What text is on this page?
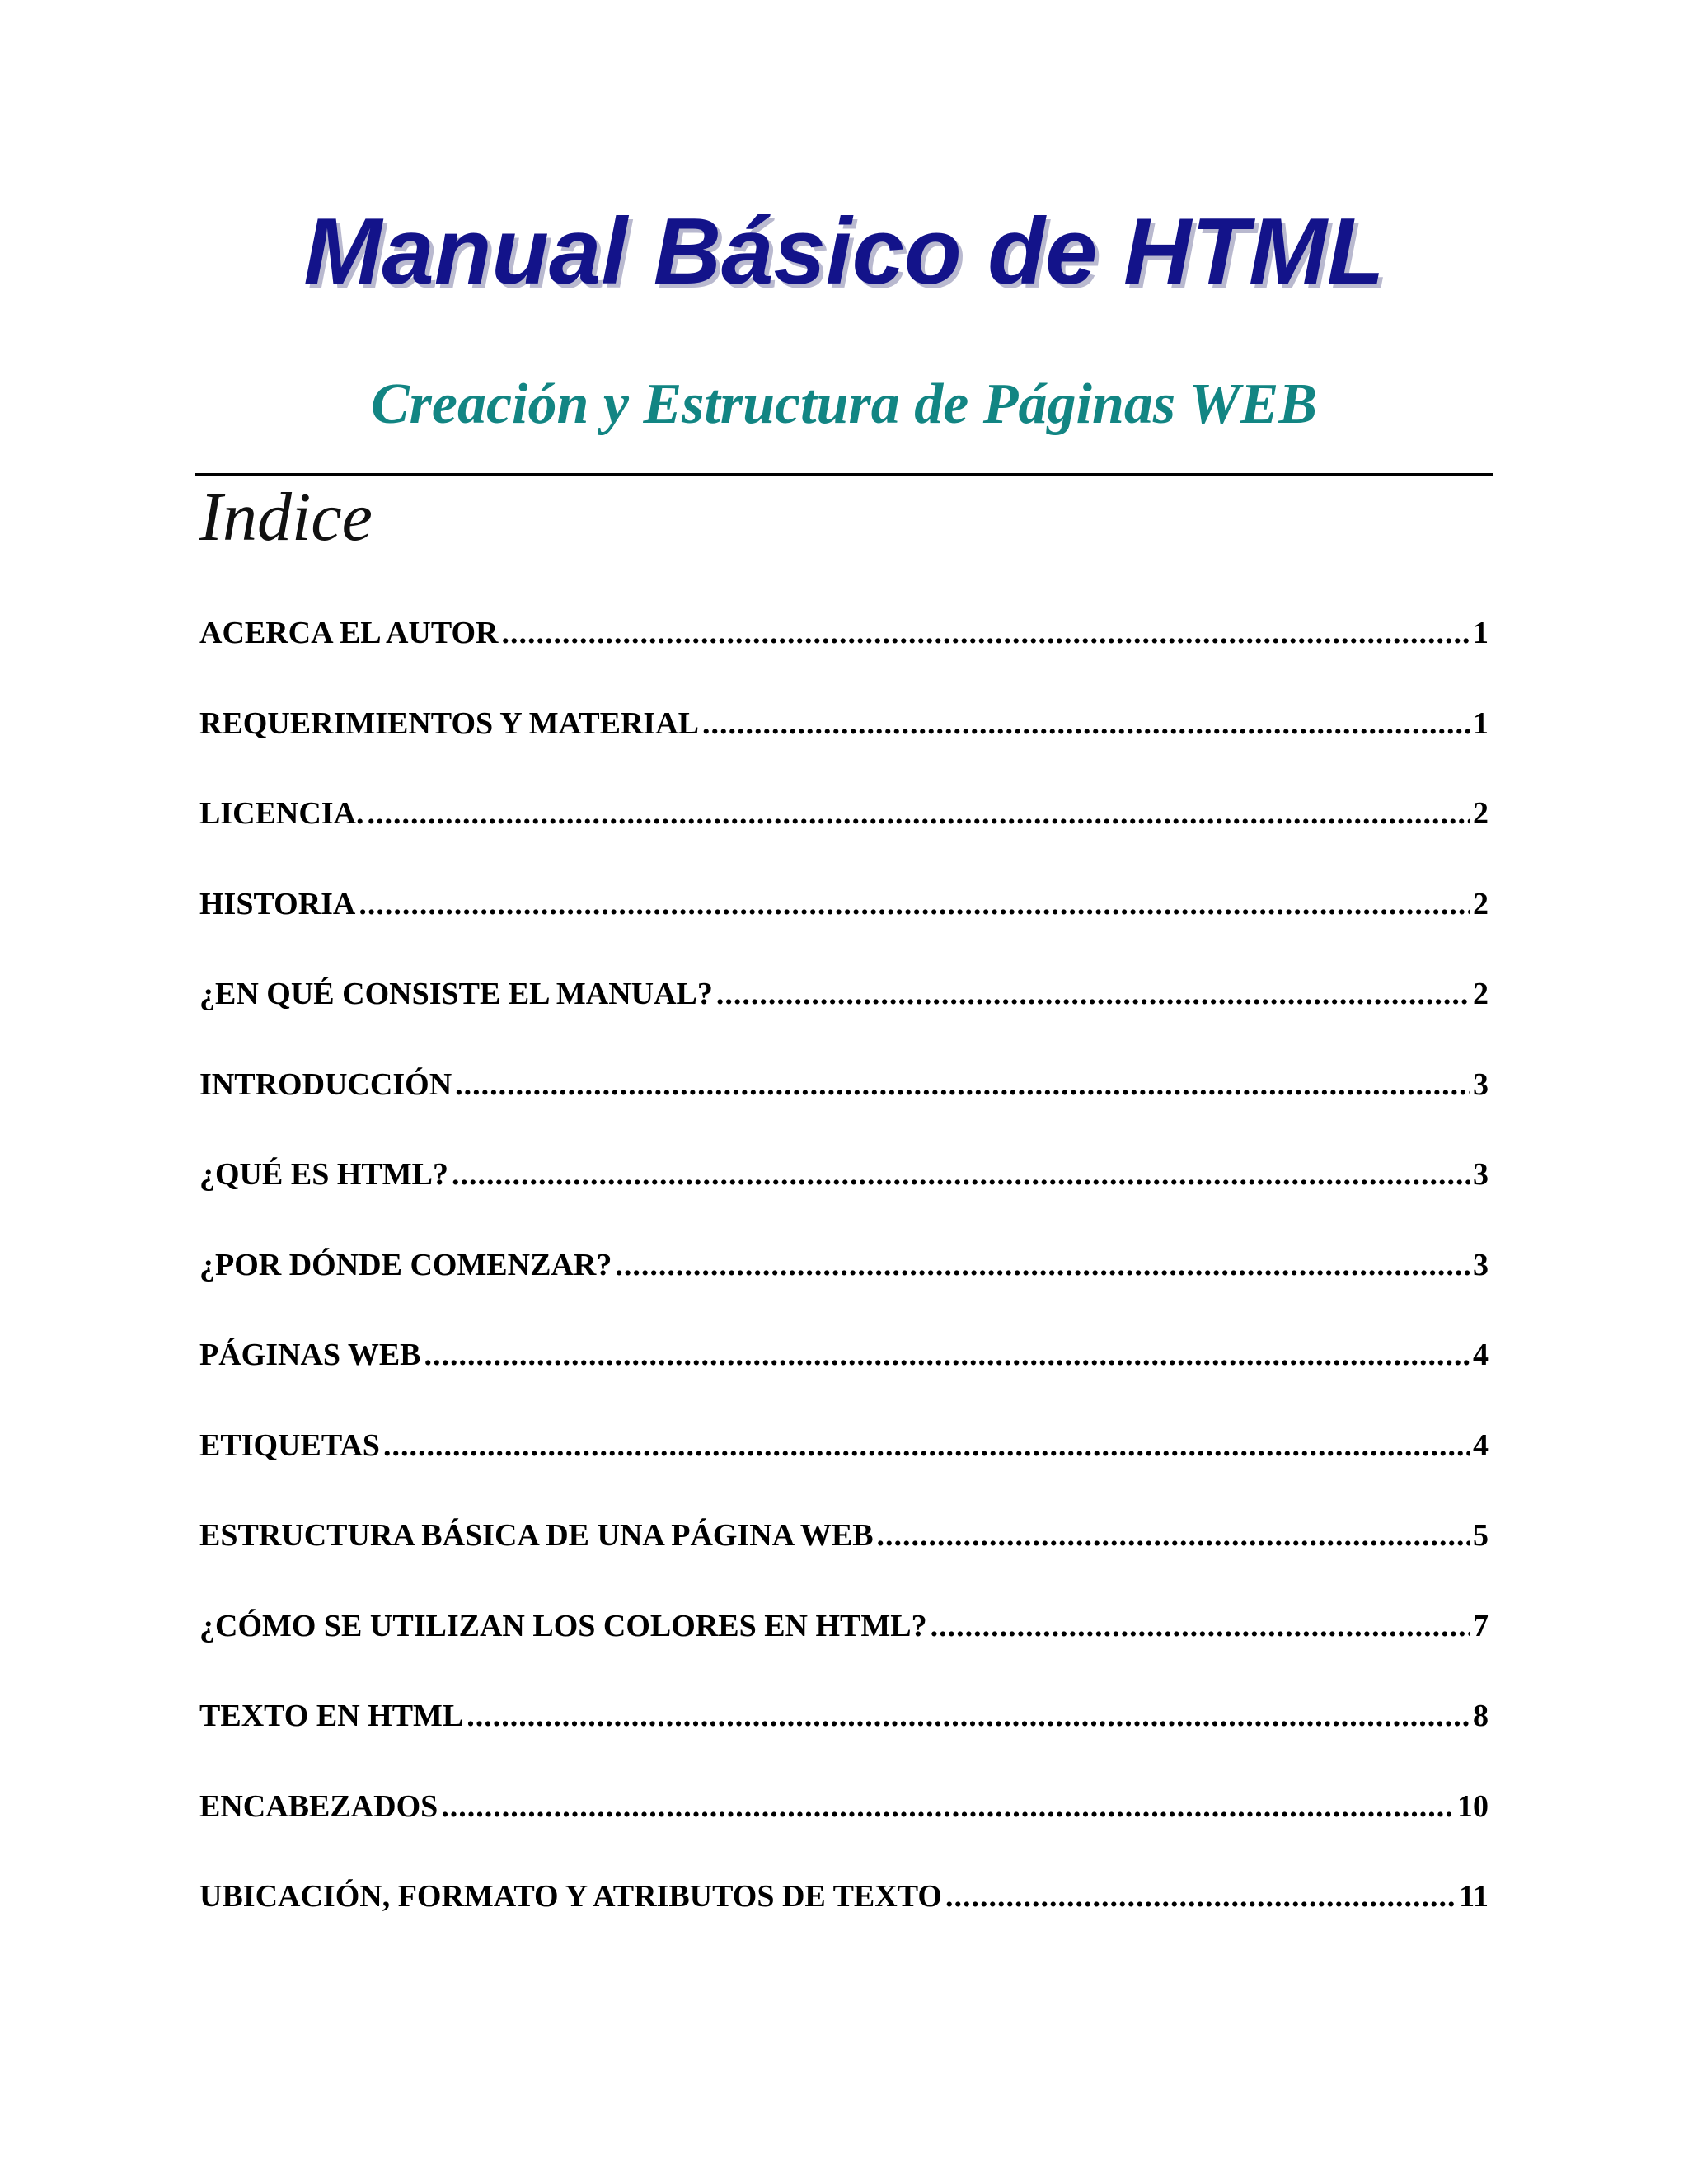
Manual Básico de HTML
Creación y Estructura de Páginas WEB
Indice
ACERCA EL AUTOR .....	1
REQUERIMIENTOS Y MATERIAL .....	1
LICENCIA. .....	2
HISTORIA .....	2
¿EN QUÉ CONSISTE EL MANUAL? .....	2
INTRODUCCIÓN .....	3
¿QUÉ ES HTML? .....	3
¿POR DÓNDE COMENZAR? .....	3
PÁGINAS WEB .....	4
ETIQUETAS .....	4
ESTRUCTURA BÁSICA DE UNA PÁGINA WEB .....	5
¿CÓMO SE UTILIZAN LOS COLORES EN HTML? .....	7
TEXTO EN HTML .....	8
ENCABEZADOS .....	10
UBICACIÓN, FORMATO Y ATRIBUTOS DE TEXTO .....	11
